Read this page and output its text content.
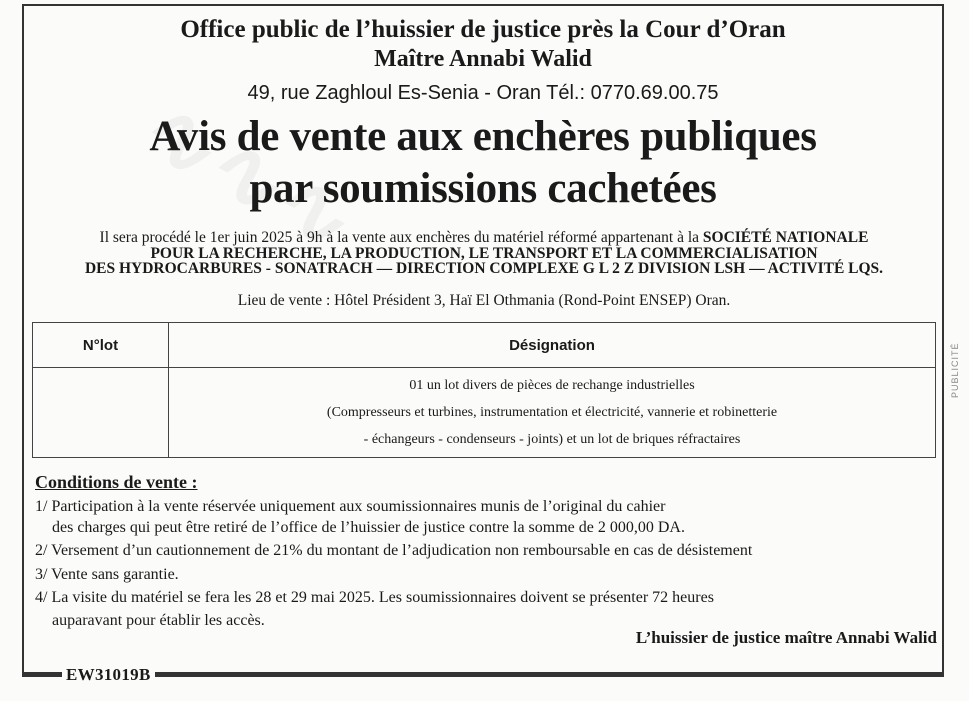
Office public de l’huissier de justice près la Cour d’Oran
Maître Annabi Walid
49, rue Zaghloul Es-Senia - Oran Tél.: 0770.69.00.75
Avis de vente aux enchères publiques
par soumissions cachetées
Il sera procédé le 1er juin 2025 à 9h à la vente aux enchères du matériel réformé appartenant à la SOCIÉTÉ NATIONALE
POUR LA RECHERCHE, LA PRODUCTION, LE TRANSPORT ET LA COMMERCIALISATION
DES HYDROCARBURES - SONATRACH — DIRECTION COMPLEXE G L 2 Z DIVISION LSH — ACTIVITÉ LQS.
Lieu de vente : Hôtel Président 3, Haï El Othmania (Rond-Point ENSEP) Oran.
N°lot	Désignation

	01 un lot divers de pièces de rechange industrielles
(Compresseurs et turbines, instrumentation et électricité, vannerie et robinetterie
- échangeurs - condenseurs - joints) et un lot de briques réfractaires
Conditions de vente :
1/ Participation à la vente réservée uniquement aux soumissionnaires munis de l’original du cahier
des charges qui peut être retiré de l’office de l’huissier de justice contre la somme de 2 000,00 DA.
2/ Versement d’un cautionnement de 21% du montant de l’adjudication non remboursable en cas de désistement
3/ Vente sans garantie.
4/ La visite du matériel se fera les 28 et 29 mai 2025. Les soumissionnaires doivent se présenter 72 heures
auparavant pour établir les accès.
L’huissier de justice maître Annabi Walid
EW31019B
PUBLICITÉ
